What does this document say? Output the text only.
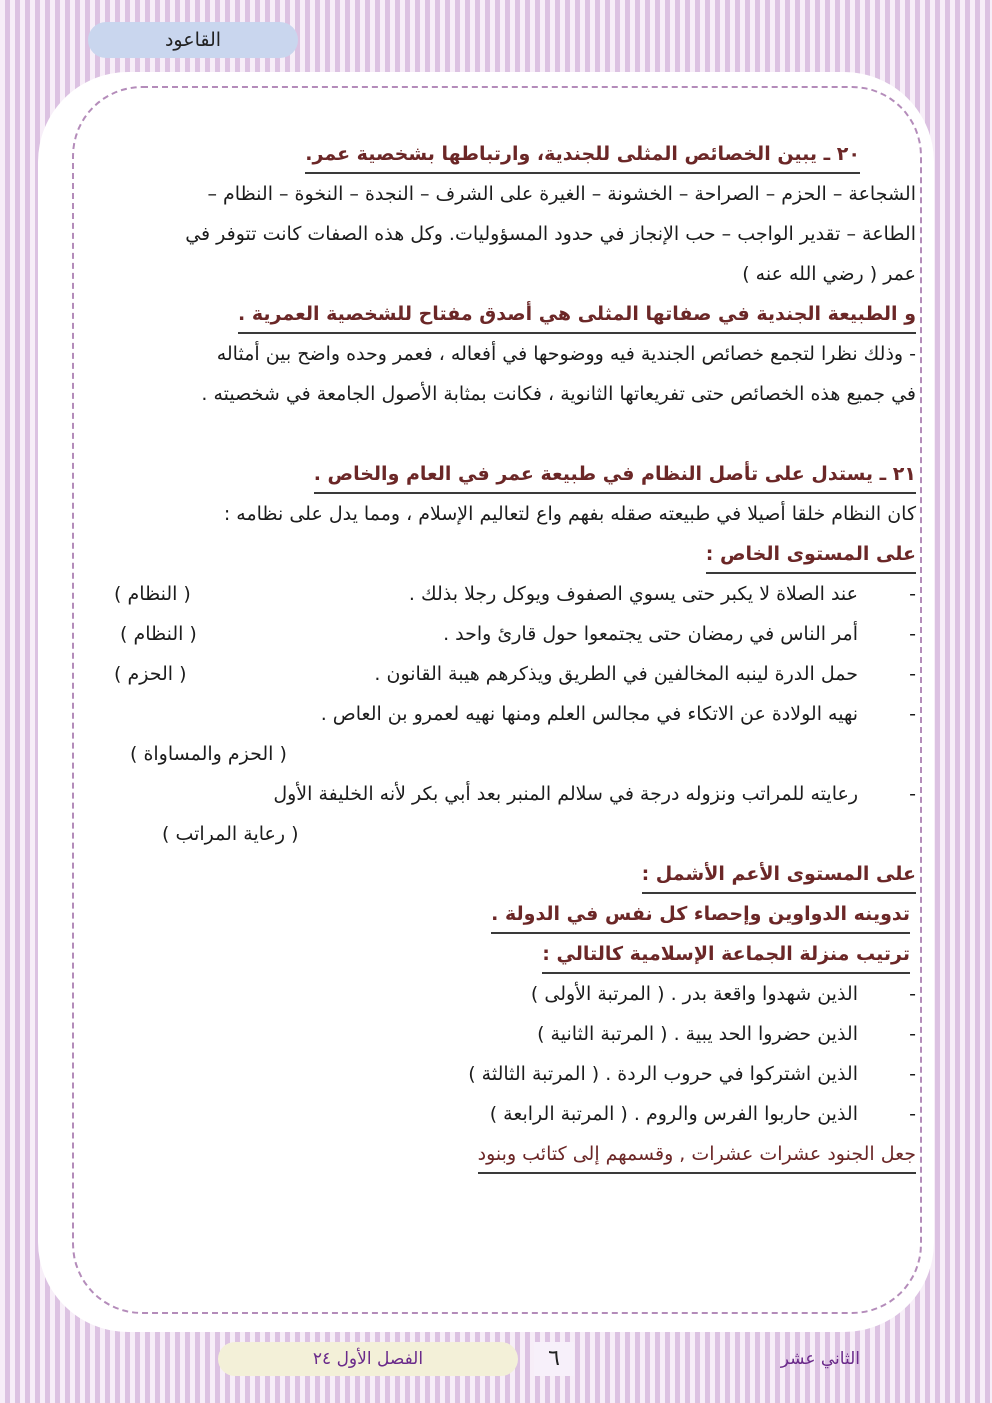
القاعود
٢٠ ـ يبين الخصائص المثلى للجندية، وارتباطها بشخصية عمر.
الشجاعة – الحزم – الصراحة – الخشونة – الغيرة على الشرف – النجدة – النخوة – النظام –
الطاعة – تقدير الواجب – حب الإنجاز في حدود المسؤوليات. وكل هذه الصفات كانت تتوفر في
عمر ( رضي الله عنه )
و الطبيعة الجندية في صفاتها المثلى هي أصدق مفتاح للشخصية العمرية .
- وذلك نظرا لتجمع خصائص الجندية فيه ووضوحها في أفعاله ، فعمر وحده واضح بين أمثاله
في جميع هذه الخصائص حتى تفريعاتها الثانوية ، فكانت بمثابة الأصول الجامعة في شخصيته .
٢١ ـ يستدل على تأصل النظام في طبيعة عمر في العام والخاص .
كان النظام خلقا أصيلا في طبيعته صقله بفهم واع لتعاليم الإسلام ، ومما يدل على نظامه :
على المستوى الخاص :
-
عند الصلاة لا يكبر حتى يسوي الصفوف ويوكل رجلا بذلك .
( النظام )
-
أمر الناس في رمضان حتى يجتمعوا حول قارئ واحد .
( النظام )
-
حمل الدرة لينبه المخالفين في الطريق ويذكرهم هيبة القانون .
( الحزم )
-
نهيه الولادة عن الاتكاء في مجالس العلم ومنها نهيه لعمرو بن العاص .
( الحزم والمساواة )
-
رعايته للمراتب ونزوله درجة في سلالم المنبر بعد أبي بكر لأنه الخليفة الأول
( رعاية المراتب )
على المستوى الأعم الأشمل :
تدوينه الدواوين وإحصاء كل نفس في الدولة .
ترتيب منزلة الجماعة الإسلامية كالتالي :
-
الذين شهدوا واقعة بدر . ( المرتبة الأولى )
-
الذين حضروا الحد يبية . ( المرتبة الثانية )
-
الذين اشتركوا في حروب الردة . ( المرتبة الثالثة )
-
الذين حاربوا الفرس والروم . ( المرتبة الرابعة )
جعل الجنود عشرات عشرات , وقسمهم إلى كتائب وبنود
الفصل الأول ٢٤	٦	الثاني عشر
